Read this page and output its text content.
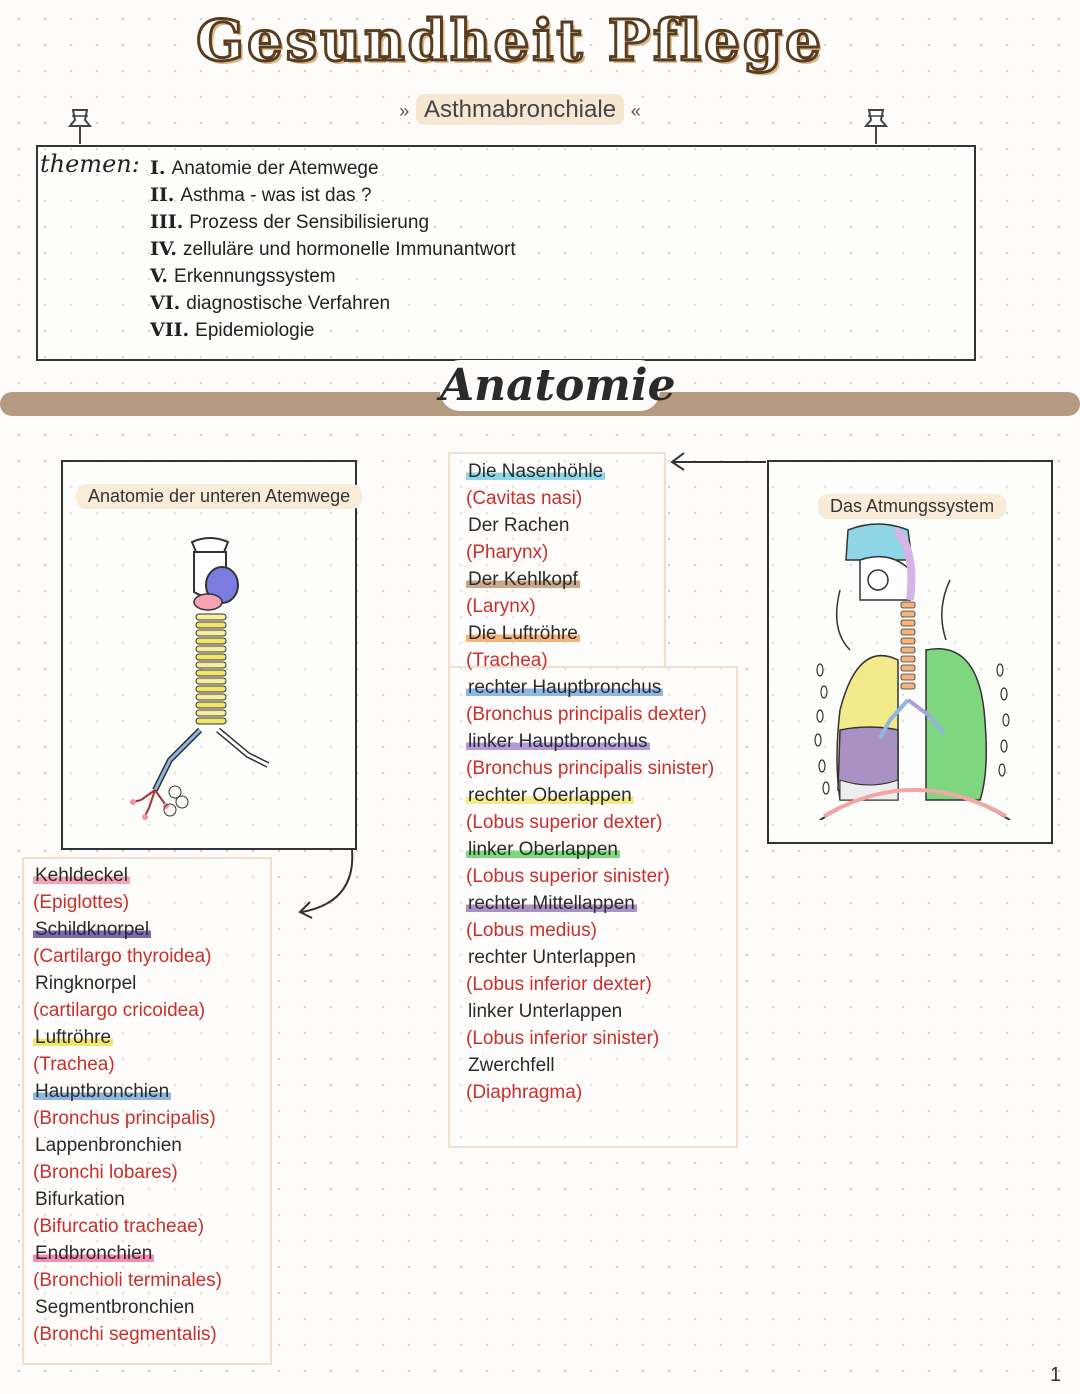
Gesundheit Pflege
» Asthmabronchiale «
themen: I. Anatomie der Atemwege
II. Asthma - was ist das ?
III. Prozess der Sensibilisierung
IV. zelluläre und hormonelle Immunantwort
V. Erkennungssystem
VI. diagnostische Verfahren
VII. Epidemiologie
Anatomie
Anatomie der unteren Atemwege
Kehldeckel
(Epiglottes)
Schildknorpel
(Cartilargo thyroidea)
Ringknorpel
(cartilargo cricoidea)
Luftröhre
(Trachea)
Hauptbronchien
(Bronchus principalis)
Lappenbronchien
(Bronchi lobares)
Bifurkation
(Bifurcatio tracheae)
Endbronchien
(Bronchioli terminales)
Segmentbronchien
(Bronchi segmentalis)
Die Nasenhöhle
(Cavitas nasi)
Der Rachen
(Pharynx)
Der Kehlkopf
(Larynx)
Die Luftröhre
(Trachea)
rechter Hauptbronchus
(Bronchus principalis dexter)
linker Hauptbronchus
(Bronchus principalis sinister)
rechter Oberlappen
(Lobus superior dexter)
linker Oberlappen
(Lobus superior sinister)
rechter Mittellappen
(Lobus medius)
rechter Unterlappen
(Lobus inferior dexter)
linker Unterlappen
(Lobus inferior sinister)
Zwerchfell
(Diaphragma)
Das Atmungssystem
1
